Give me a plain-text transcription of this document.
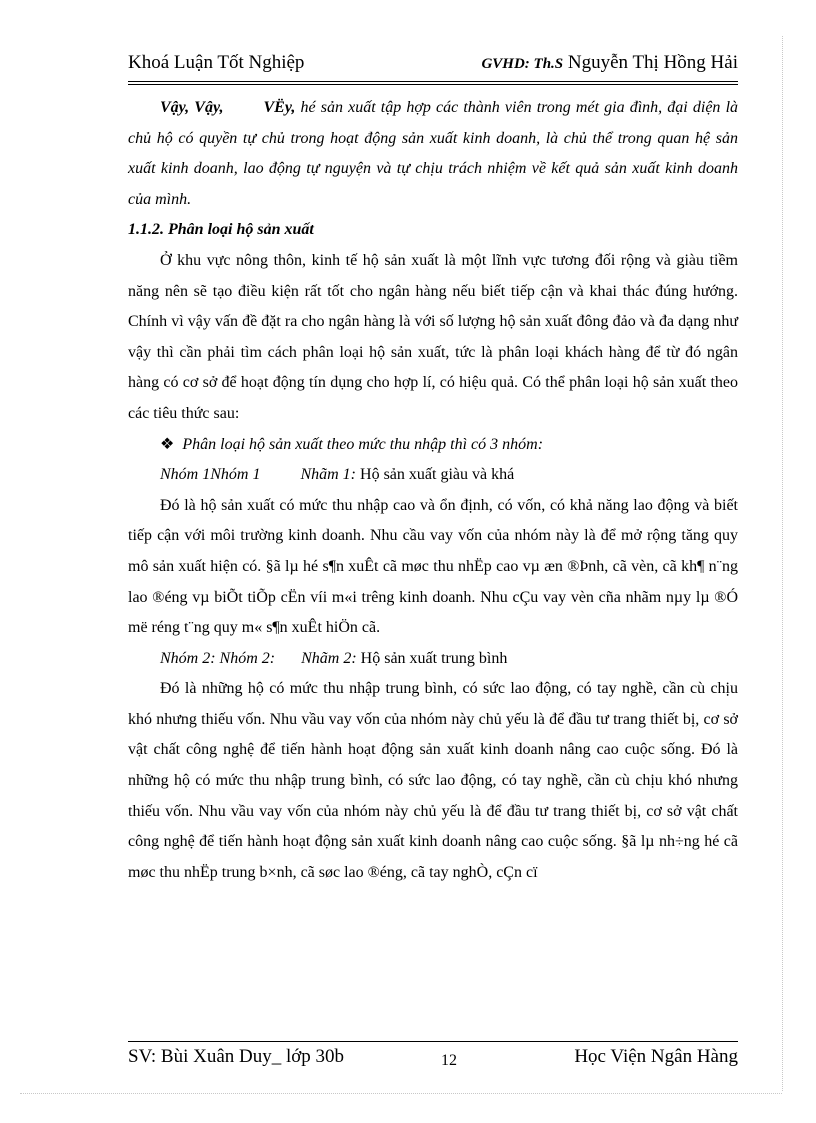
Khoá Luận Tốt Nghiệp	GVHD: Th.S Nguyễn Thị Hồng Hải

Vậy, Vậy,	VËy, hé sản xuất tập hợp các thành viên trong mét gia đình, đại diện là chủ hộ có quyền tự chủ trong hoạt động sản xuất kinh doanh, là chủ thể trong quan hệ sản xuất kinh doanh, lao động tự nguyện và tự chịu trách nhiệm về kết quả sản xuất kinh doanh của mình.

1.1.2. Phân loại hộ sản xuất

Ở khu vực nông thôn, kinh tế hộ sản xuất là một lĩnh vực tương đối rộng và giàu tiềm năng nên sẽ tạo điều kiện rất tốt cho ngân hàng nếu biết tiếp cận và khai thác đúng hướng. Chính vì vậy vấn đề đặt ra cho ngân hàng là với số lượng hộ sản xuất đông đảo và đa dạng như vậy thì cần phải tìm cách phân loại hộ sản xuất, tức là phân loại khách hàng để từ đó ngân hàng có cơ sở để hoạt động tín dụng cho hợp lí, có hiệu quả. Có thể phân loại hộ sản xuất theo các tiêu thức sau:

❖ Phân loại hộ sản xuất theo mức thu nhập thì có 3 nhóm:

Nhóm 1Nhóm 1	Nhãm 1: Hộ sản xuất giàu và khá

Đó là hộ sản xuất có mức thu nhập cao và ổn định, có vốn, có khả năng lao động và biết tiếp cận với môi trường kinh doanh. Nhu cầu vay vốn của nhóm này là để mở rộng tăng quy mô sản xuất hiện có. §ã lµ hé s¶n xuÊt cã møc thu nhËp cao vµ æn ®Þnh, cã vèn, cã kh¶ n¨ng lao ®éng vµ biÕt tiÕp cËn víi m«i trêng kinh doanh. Nhu cÇu vay vèn cña nhãm nµy lµ ®Ó më réng t¨ng quy m« s¶n xuÊt hiÖn cã.

Nhóm 2: Nhóm 2: Nhãm 2: Hộ sản xuất trung bình

Đó là những hộ có mức thu nhập trung bình, có sức lao động, có tay nghề, cần cù chịu khó nhưng thiếu vốn. Nhu vầu vay vốn của nhóm này chủ yếu là để đầu tư trang thiết bị, cơ sở vật chất công nghệ để tiến hành hoạt động sản xuất kinh doanh nâng cao cuộc sống. Đó là những hộ có mức thu nhập trung bình, có sức lao động, có tay nghề, cần cù chịu khó nhưng thiếu vốn. Nhu vầu vay vốn của nhóm này chủ yếu là để đầu tư trang thiết bị, cơ sở vật chất công nghệ để tiến hành hoạt động sản xuất kinh doanh nâng cao cuộc sống. §ã lµ nh÷ng hé cã møc thu nhËp trung b×nh, cã søc lao ®éng, cã tay nghÒ, cÇn cï

SV: Bùi Xuân Duy_ lớp 30b	12	Học Viện Ngân Hàng
